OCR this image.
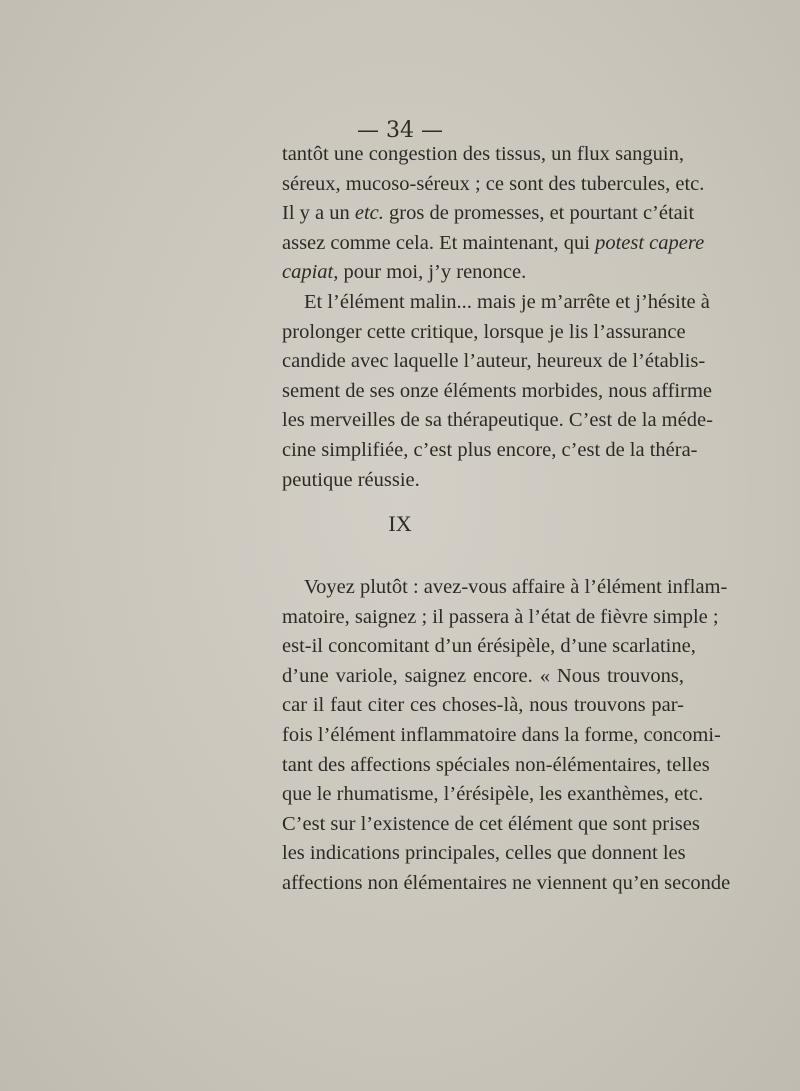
— 34 —
tantôt une congestion des tissus, un flux sanguin,
séreux, mucoso-séreux ; ce sont des tubercules, etc.
Il y a un etc. gros de promesses, et pourtant c’était
assez comme cela. Et maintenant, qui potest capere
capiat, pour moi, j’y renonce.
Et l’élément malin... mais je m’arrête et j’hésite à
prolonger cette critique, lorsque je lis l’assurance
candide avec laquelle l’auteur, heureux de l’établis-
sement de ses onze éléments morbides, nous affirme
les merveilles de sa thérapeutique. C’est de la méde-
cine simplifiée, c’est plus encore, c’est de la théra-
peutique réussie.
IX
Voyez plutôt : avez-vous affaire à l’élément inflam-
matoire, saignez ; il passera à l’état de fièvre simple ;
est-il concomitant d’un érésipèle, d’une scarlatine,
d’une variole, saignez encore. « Nous trouvons,
car il faut citer ces choses-là, nous trouvons par-
fois l’élément inflammatoire dans la forme, concomi-
tant des affections spéciales non-élémentaires, telles
que le rhumatisme, l’érésipèle, les exanthèmes, etc.
C’est sur l’existence de cet élément que sont prises
les indications principales, celles que donnent les
affections non élémentaires ne viennent qu’en seconde
